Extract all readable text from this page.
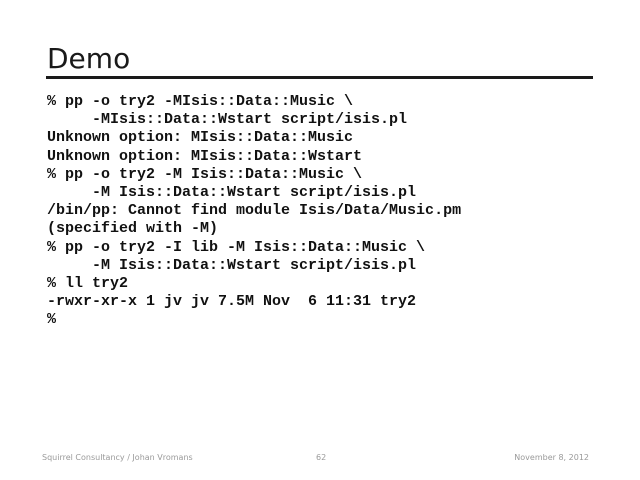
Demo
% pp -o try2 -MIsis::Data::Music \
-MIsis::Data::Wstart script/isis.pl
Unknown option: MIsis::Data::Music
Unknown option: MIsis::Data::Wstart
% pp -o try2 -M Isis::Data::Music \
-M Isis::Data::Wstart script/isis.pl
/bin/pp: Cannot find module Isis/Data/Music.pm
(specified with -M)
% pp -o try2 -I lib -M Isis::Data::Music \
-M Isis::Data::Wstart script/isis.pl
% ll try2
-rwxr-xr-x 1 jv jv 7.5M Nov  6 11:31 try2
%
Squirrel Consultancy / Johan Vromans	62	November 8, 2012
